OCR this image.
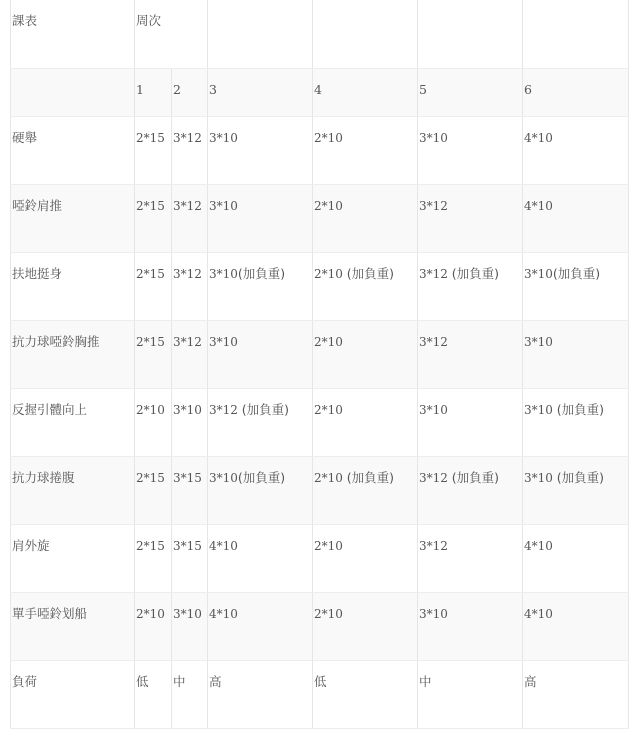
課表	周次					
	1	2	3	4	5	6
硬舉	2*15	3*12	3*10	2*10	3*10	4*10
啞鈴肩推	2*15	3*12	3*10	2*10	3*12	4*10
扶地挺身	2*15	3*12	3*10(加負重)	2*10 (加負重)	3*12 (加負重)	3*10(加負重)
抗力球啞鈴胸推	2*15	3*12	3*10	2*10	3*12	3*10
反握引體向上	2*10	3*10	3*12 (加負重)	2*10	3*10	3*10 (加負重)
抗力球捲腹	2*15	3*15	3*10(加負重)	2*10 (加負重)	3*12 (加負重)	3*10 (加負重)
肩外旋	2*15	3*15	4*10	2*10	3*12	4*10
單手啞鈴划船	2*10	3*10	4*10	2*10	3*10	4*10
負荷	低	中	高	低	中	高
